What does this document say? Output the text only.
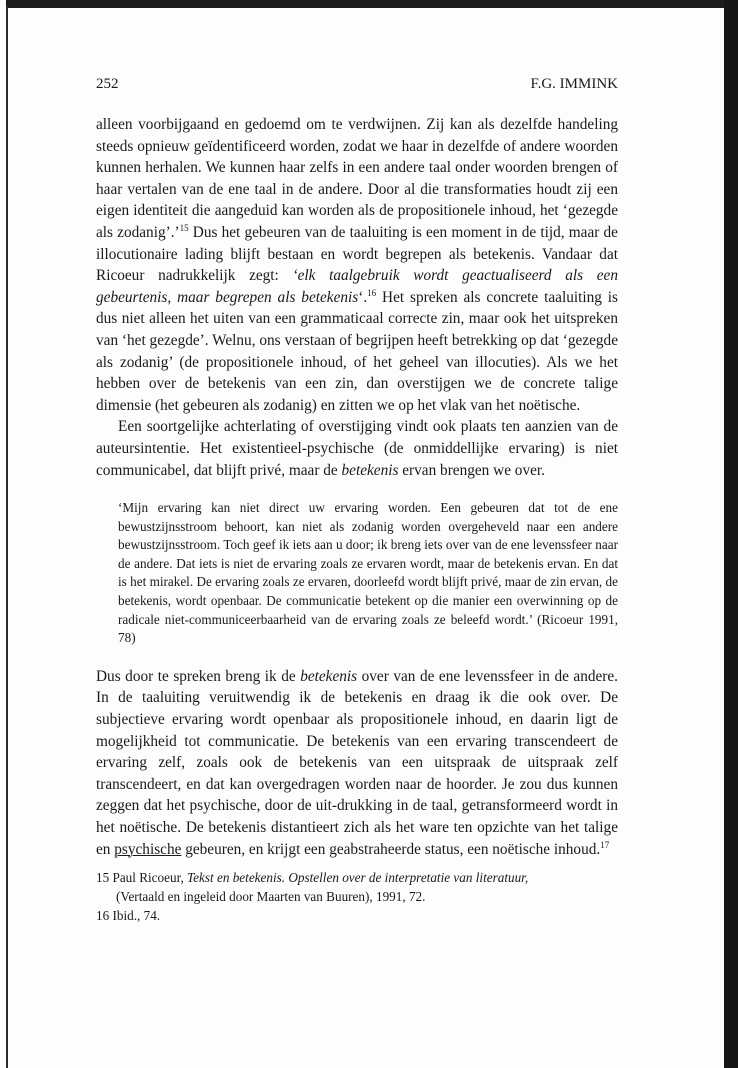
252	F.G. IMMINK

alleen voorbijgaand en gedoemd om te verdwijnen. Zij kan als dezelfde handeling steeds opnieuw geïdentificeerd worden, zodat we haar in dezelfde of andere woorden kunnen herhalen. We kunnen haar zelfs in een andere taal onder woorden brengen of haar vertalen van de ene taal in de andere. Door al die transformaties houdt zij een eigen identiteit die aangeduid kan worden als de propositionele inhoud, het ‘gezegde als zodanig’.’$^{15}$ Dus het gebeuren van de taaluiting is een moment in de tijd, maar de illocutionaire lading blijft bestaan en wordt begrepen als betekenis. Vandaar dat Ricoeur nadrukkelijk zegt: ‘elk taalgebruik wordt geactualiseerd als een gebeurtenis, maar begrepen als betekenis‘.$^{16}$ Het spreken als concrete taaluiting is dus niet alleen het uiten van een grammaticaal correcte zin, maar ook het uitspreken van ‘het gezegde’. Welnu, ons verstaan of begrijpen heeft betrekking op dat ‘gezegde als zodanig’ (de propositionele inhoud, of het geheel van illocuties). Als we het hebben over de betekenis van een zin, dan overstijgen we de concrete talige dimensie (het gebeuren als zodanig) en zitten we op het vlak van het noëtische.

Een soortgelijke achterlating of overstijging vindt ook plaats ten aanzien van de auteursintentie. Het existentieel-psychische (de onmiddellijke ervaring) is niet communicabel, dat blijft privé, maar de betekenis ervan brengen we over.

‘Mijn ervaring kan niet direct uw ervaring worden. Een gebeuren dat tot de ene bewustzijnsstroom behoort, kan niet als zodanig worden overgeheveld naar een andere bewustzijnsstroom. Toch geef ik iets aan u door; ik breng iets over van de ene levenssfeer naar de andere. Dat iets is niet de ervaring zoals ze ervaren wordt, maar de betekenis ervan. En dat is het mirakel. De ervaring zoals ze ervaren, doorleefd wordt blijft privé, maar de zin ervan, de betekenis, wordt openbaar. De communicatie betekent op die manier een overwinning op de radicale niet-communiceerbaarheid van de ervaring zoals ze beleefd wordt.’ (Ricoeur 1991, 78)

Dus door te spreken breng ik de betekenis over van de ene levenssfeer in de andere. In de taaluiting veruitwendig ik de betekenis en draag ik die ook over. De subjectieve ervaring wordt openbaar als propositionele inhoud, en daarin ligt de mogelijkheid tot communicatie. De betekenis van een ervaring transcendeert de ervaring zelf, zoals ook de betekenis van een uitspraak de uitspraak zelf transcendeert, en dat kan overgedragen worden naar de hoorder. Je zou dus kunnen zeggen dat het psychische, door de uit-drukking in de taal, getransformeerd wordt in het noëtische. De betekenis distantieert zich als het ware ten opzichte van het talige en psychische gebeuren, en krijgt een geabstraheerde status, een noëtische inhoud.$^{17}$

15 Paul Ricoeur, Tekst en betekenis. Opstellen over de interpretatie van literatuur,
(Vertaald en ingeleid door Maarten van Buuren), 1991, 72.
16 Ibid., 74.
